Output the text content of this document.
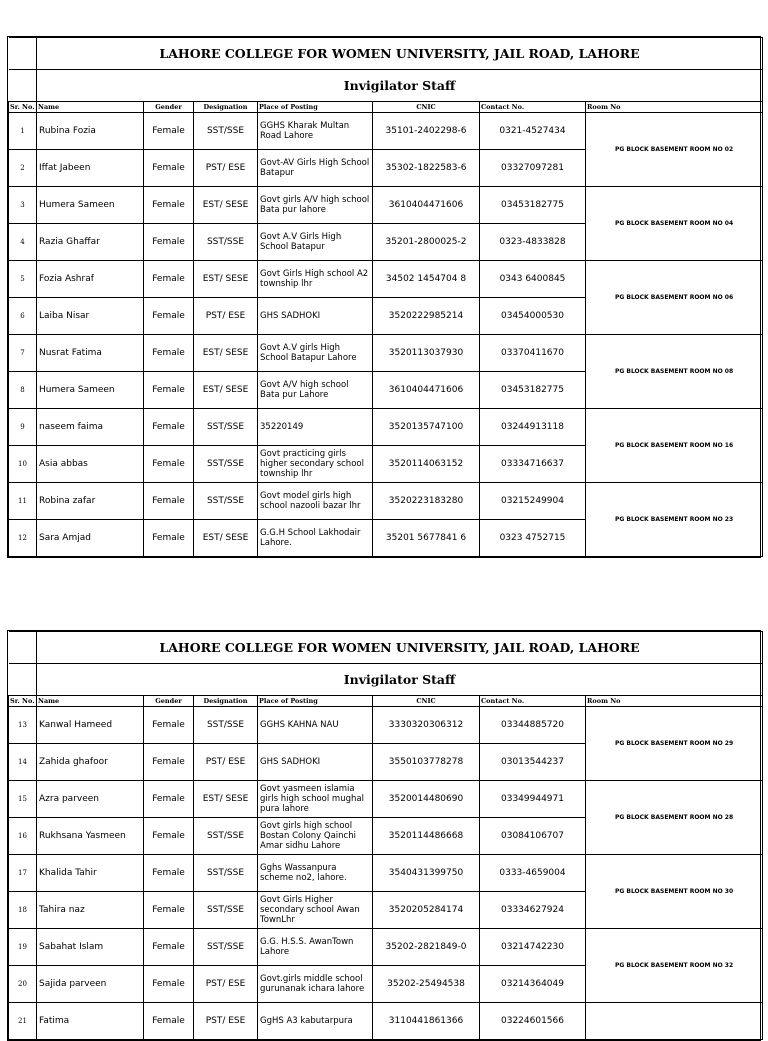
	LAHORE COLLEGE FOR WOMEN UNIVERSITY, JAIL ROAD, LAHORE						
	Invigilator Staff						
Sr. No.	Name	Gender	Designation	Place of Posting	CNIC	Contact No.	Room No
1	Rubina Fozia	Female	SST/SSE	GGHS Kharak Multan Road Lahore	35101-2402298-6	0321-4527434	PG BLOCK BASEMENT ROOM NO 02
2	Iffat Jabeen	Female	PST/ ESE	Govt-AV Girls High School Batapur	35302-1822583-6	03327097281	
3	Humera Sameen	Female	EST/ SESE	Govt girls A/V high school Bata pur lahore	3610404471606	03453182775	PG BLOCK BASEMENT ROOM NO 04
4	Razia Ghaffar	Female	SST/SSE	Govt A.V Girls High School Batapur	35201-2800025-2	0323-4833828	
5	Fozia Ashraf	Female	EST/ SESE	Govt Girls High school A2 township lhr	34502 1454704 8	0343 6400845	PG BLOCK BASEMENT ROOM NO 06
6	Laiba Nisar	Female	PST/ ESE	GHS SADHOKI	3520222985214	03454000530	
7	Nusrat Fatima	Female	EST/ SESE	Govt A.V girls High School Batapur Lahore	3520113037930	03370411670	PG BLOCK BASEMENT ROOM NO 08
8	Humera Sameen	Female	EST/ SESE	Govt A/V high school Bata pur Lahore	3610404471606	03453182775	
9	naseem faima	Female	SST/SSE	35220149	3520135747100	03244913118	PG BLOCK BASEMENT ROOM NO 16
10	Asia abbas	Female	SST/SSE	Govt practicing girls higher secondary school township lhr	3520114063152	03334716637	
11	Robina zafar	Female	SST/SSE	Govt model girls high school nazooli bazar lhr	3520223183280	03215249904	PG BLOCK BASEMENT ROOM NO 23
12	Sara Amjad	Female	EST/ SESE	G.G.H School Lakhodair Lahore.	35201 5677841 6	0323 4752715	
	LAHORE COLLEGE FOR WOMEN UNIVERSITY, JAIL ROAD, LAHORE						
	Invigilator Staff						
Sr. No.	Name	Gender	Designation	Place of Posting	CNIC	Contact No.	Room No
13	Kanwal Hameed	Female	SST/SSE	GGHS KAHNA NAU	3330320306312	03344885720	PG BLOCK BASEMENT ROOM NO 29
14	Zahida ghafoor	Female	PST/ ESE	GHS SADHOKI	3550103778278	03013544237	
15	Azra parveen	Female	EST/ SESE	Govt yasmeen islamia girls high school mughal pura lahore	3520014480690	03349944971	PG BLOCK BASEMENT ROOM NO 28
16	Rukhsana Yasmeen	Female	SST/SSE	Govt girls high school Bostan Colony Qainchi Amar sidhu Lahore	3520114486668	03084106707	
17	Khalida Tahir	Female	SST/SSE	Gghs Wassanpura scheme no2, lahore.	3540431399750	0333-4659004	PG BLOCK BASEMENT ROOM NO 30
18	Tahira naz	Female	SST/SSE	Govt Girls Higher secondary school Awan TownLhr	3520205284174	03334627924	
19	Sabahat Islam	Female	SST/SSE	G.G. H.S.S. AwanTown Lahore	35202-2821849-0	03214742230	PG BLOCK BASEMENT ROOM NO 32
20	Sajida parveen	Female	PST/ ESE	Govt.girls middle school gurunanak ichara lahore	35202-25494538	03214364049	
21	Fatima	Female	PST/ ESE	GgHS A3 kabutarpura	3110441861366	03224601566	
